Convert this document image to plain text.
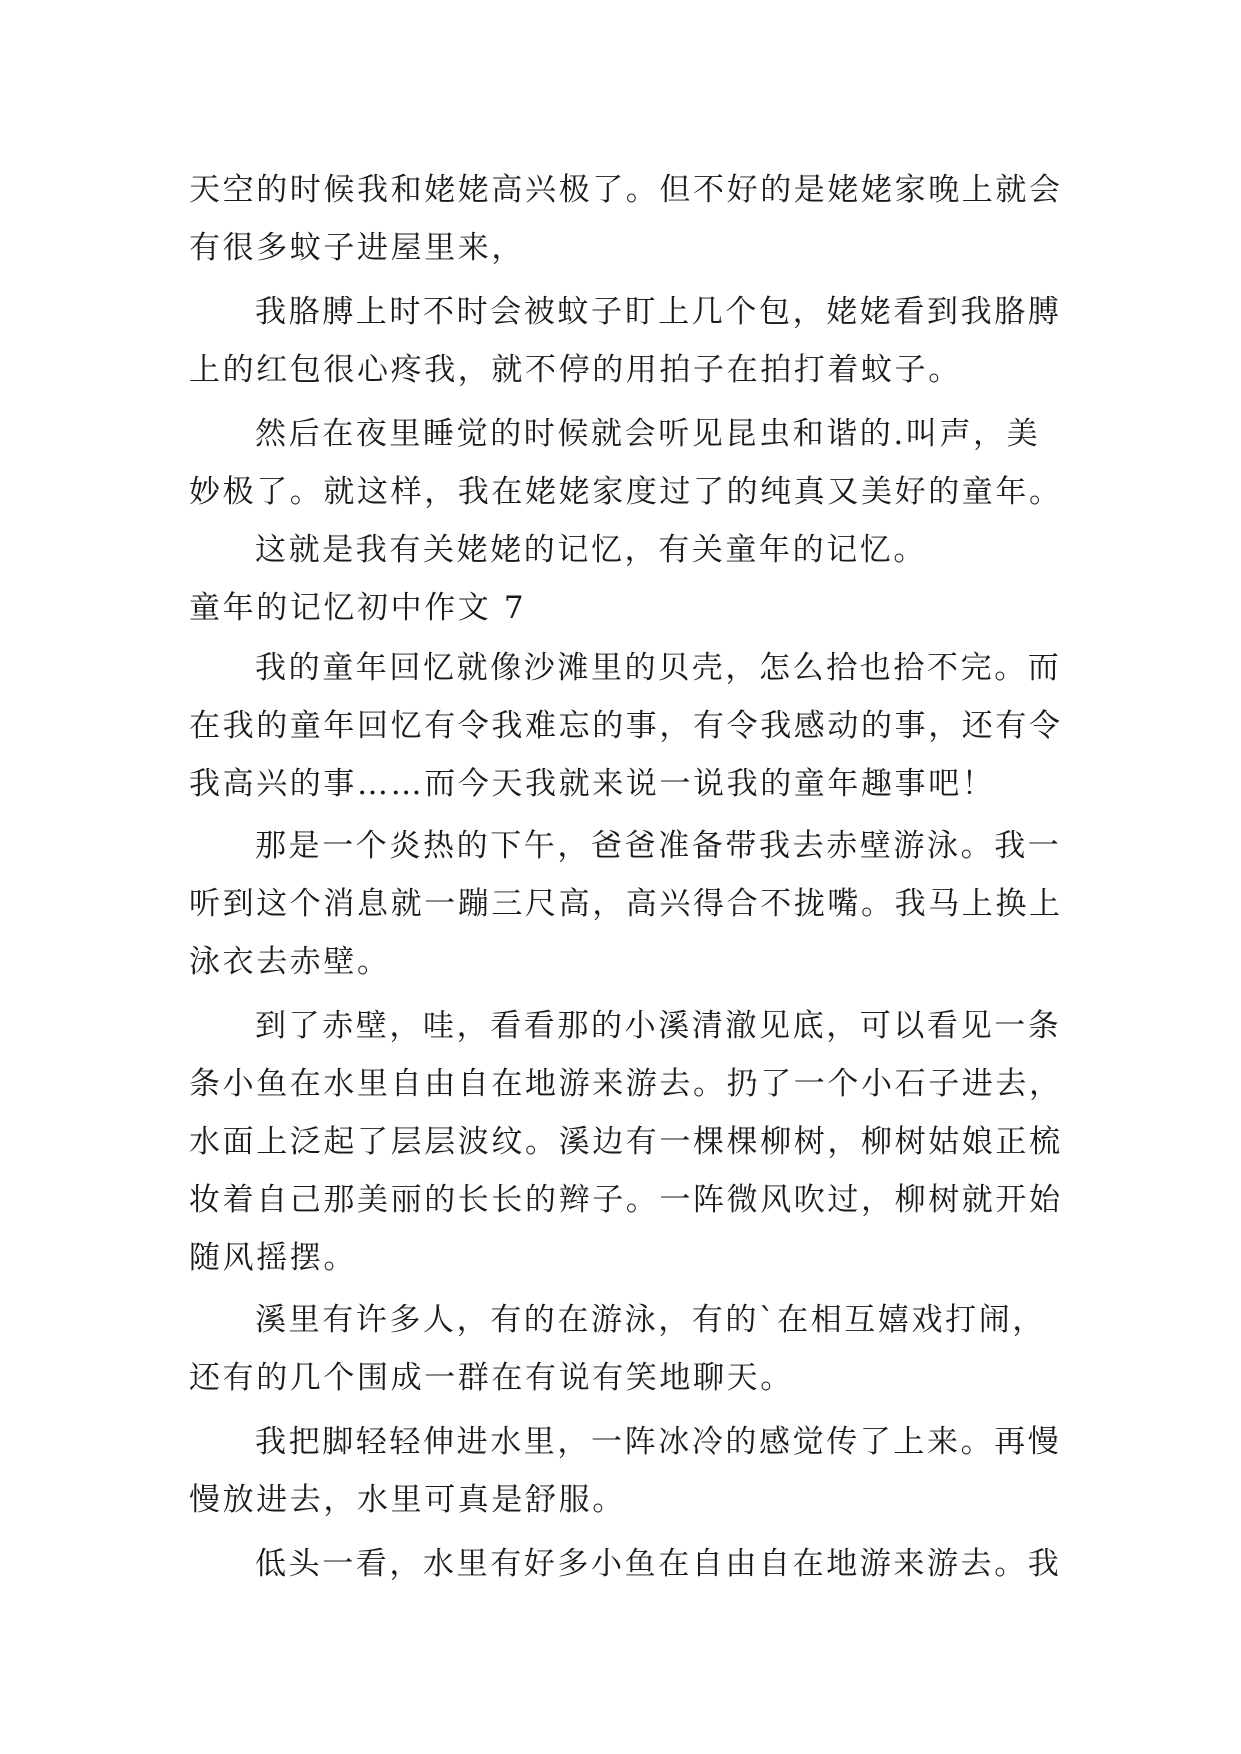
天空的时候我和姥姥高兴极了。但不好的是姥姥家晚上就会
有很多蚊子进屋里来，
我胳膊上时不时会被蚊子盯上几个包，姥姥看到我胳膊
上的红包很心疼我，就不停的用拍子在拍打着蚊子。
然后在夜里睡觉的时候就会听见昆虫和谐的.叫声，美
妙极了。就这样，我在姥姥家度过了的纯真又美好的童年。
这就是我有关姥姥的记忆，有关童年的记忆。
童年的记忆初中作文 7
我的童年回忆就像沙滩里的贝壳，怎么拾也拾不完。而
在我的童年回忆有令我难忘的事，有令我感动的事，还有令
我高兴的事……而今天我就来说一说我的童年趣事吧！
那是一个炎热的下午，爸爸准备带我去赤壁游泳。我一
听到这个消息就一蹦三尺高，高兴得合不拢嘴。我马上换上
泳衣去赤壁。
到了赤壁，哇，看看那的小溪清澈见底，可以看见一条
条小鱼在水里自由自在地游来游去。扔了一个小石子进去，
水面上泛起了层层波纹。溪边有一棵棵柳树，柳树姑娘正梳
妆着自己那美丽的长长的辫子。一阵微风吹过，柳树就开始
随风摇摆。
溪里有许多人，有的在游泳，有的`在相互嬉戏打闹，
还有的几个围成一群在有说有笑地聊天。
我把脚轻轻伸进水里，一阵冰冷的感觉传了上来。再慢
慢放进去，水里可真是舒服。
低头一看，水里有好多小鱼在自由自在地游来游去。我
